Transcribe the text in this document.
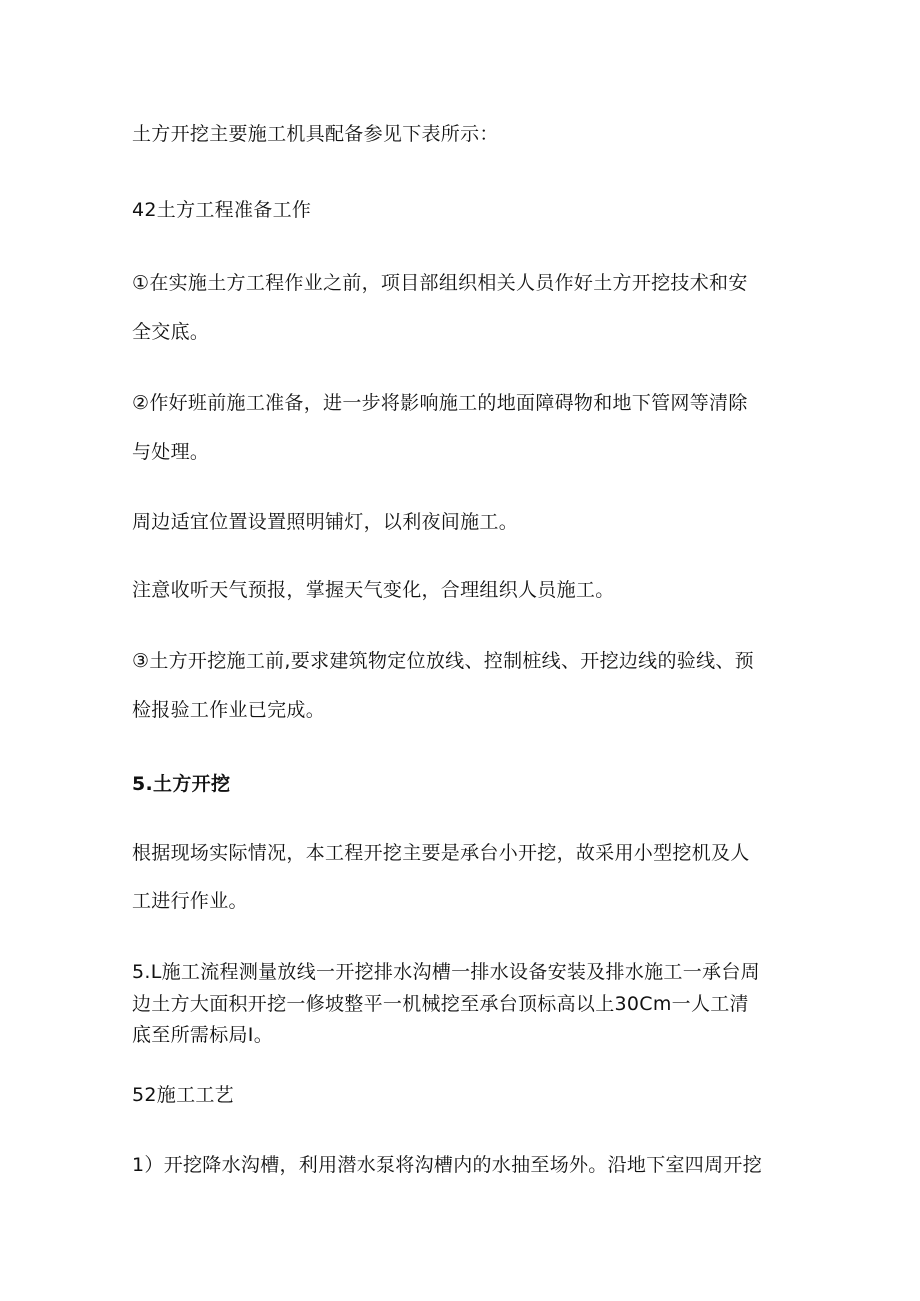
土方开挖主要施工机具配备参见下表所示：
42土方工程准备工作
①在实施土方工程作业之前，项目部组织相关人员作好土方开挖技术和安
全交底。
②作好班前施工准备，进一步将影响施工的地面障碍物和地下管网等清除
与处理。
周边适宜位置设置照明铺灯，以利夜间施工。
注意收听天气预报，掌握天气变化，合理组织人员施工。
③土方开挖施工前,要求建筑物定位放线、控制桩线、开挖边线的验线、预
检报验工作业已完成。
5.土方开挖
根据现场实际情况，本工程开挖主要是承台小开挖，故采用小型挖机及人
工进行作业。
5.L施工流程测量放线一开挖排水沟槽一排水设备安装及排水施工一承台周
边土方大面积开挖一修坡整平一机械挖至承台顶标高以上30Cm一人工清
底至所需标局I。
52施工工艺
1）开挖降水沟槽，利用潜水泵将沟槽内的水抽至场外。沿地下室四周开挖
